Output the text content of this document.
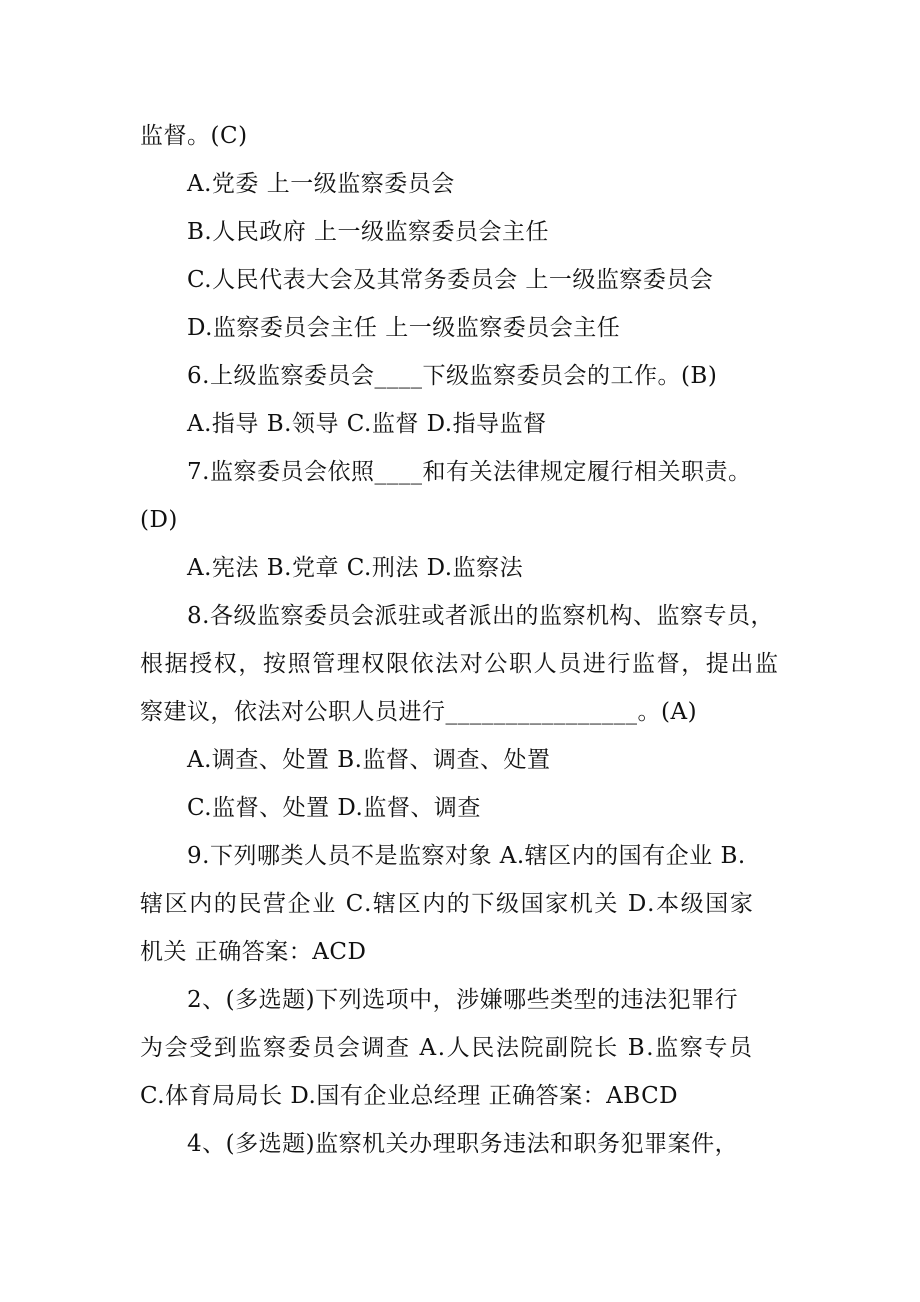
监督。(C)
A.党委 上一级监察委员会
B.人民政府 上一级监察委员会主任
C.人民代表大会及其常务委员会 上一级监察委员会
D.监察委员会主任 上一级监察委员会主任
6.上级监察委员会____下级监察委员会的工作。(B)
A.指导 B.领导 C.监督 D.指导监督
7.监察委员会依照____和有关法律规定履行相关职责。
(D)
A.宪法 B.党章 C.刑法 D.监察法
8.各级监察委员会派驻或者派出的监察机构、监察专员，
根据授权，按照管理权限依法对公职人员进行监督，提出监
察建议，依法对公职人员进行________________。(A)
A.调查、处置 B.监督、调查、处置
C.监督、处置 D.监督、调查
9.下列哪类人员不是监察对象 A.辖区内的国有企业 B.
辖区内的民营企业 C.辖区内的下级国家机关 D.本级国家
机关 正确答案：ACD
2、(多选题)下列选项中，涉嫌哪些类型的违法犯罪行
为会受到监察委员会调查 A.人民法院副院长 B.监察专员
C.体育局局长 D.国有企业总经理 正确答案：ABCD
4、(多选题)监察机关办理职务违法和职务犯罪案件，
